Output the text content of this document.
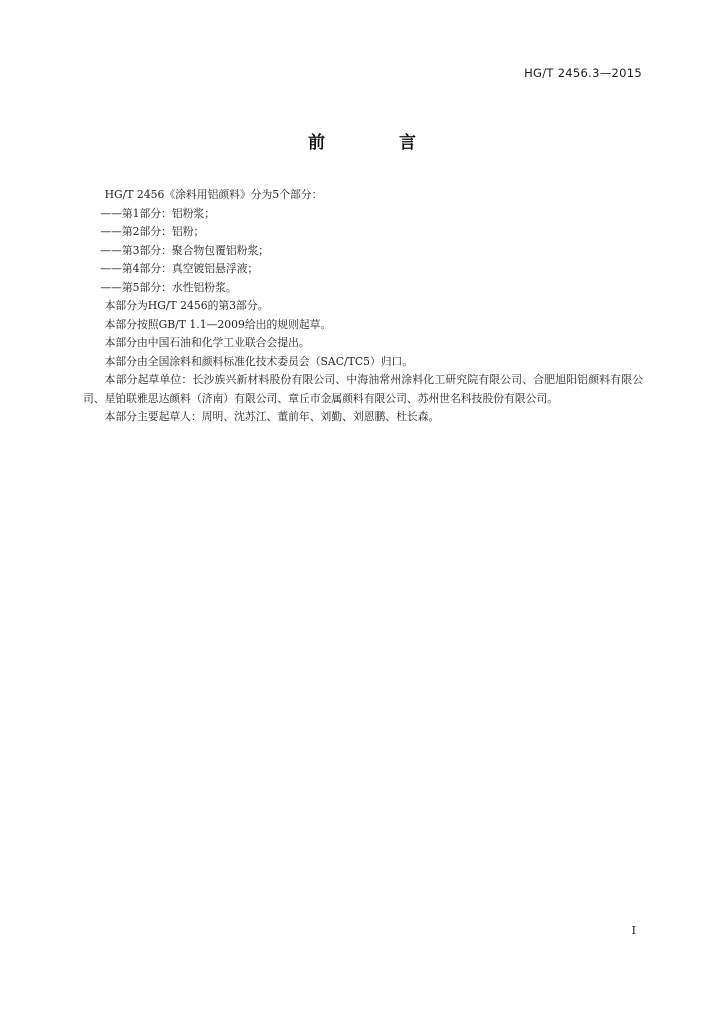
HG/T 2456.3—2015
前 言

HG/T 2456《涂料用铝颜料》分为5个部分：

——第1部分：铝粉浆；

——第2部分：铝粉；

——第3部分：聚合物包覆铝粉浆；

——第4部分：真空镀铝悬浮液；

——第5部分：水性铝粉浆。

本部分为HG/T 2456的第3部分。

本部分按照GB/T 1.1—2009给出的规则起草。

本部分由中国石油和化学工业联合会提出。

本部分由全国涂料和颜料标准化技术委员会（SAC/TC5）归口。

本部分起草单位：长沙族兴新材料股份有限公司、中海油常州涂料化工研究院有限公司、合肥旭阳铝颜料有限公司、星铂联雅思达颜料（济南）有限公司、章丘市金属颜料有限公司、苏州世名科技股份有限公司。

本部分主要起草人：周明、沈苏江、董前年、刘勤、刘恩鹏、杜长森。

I
